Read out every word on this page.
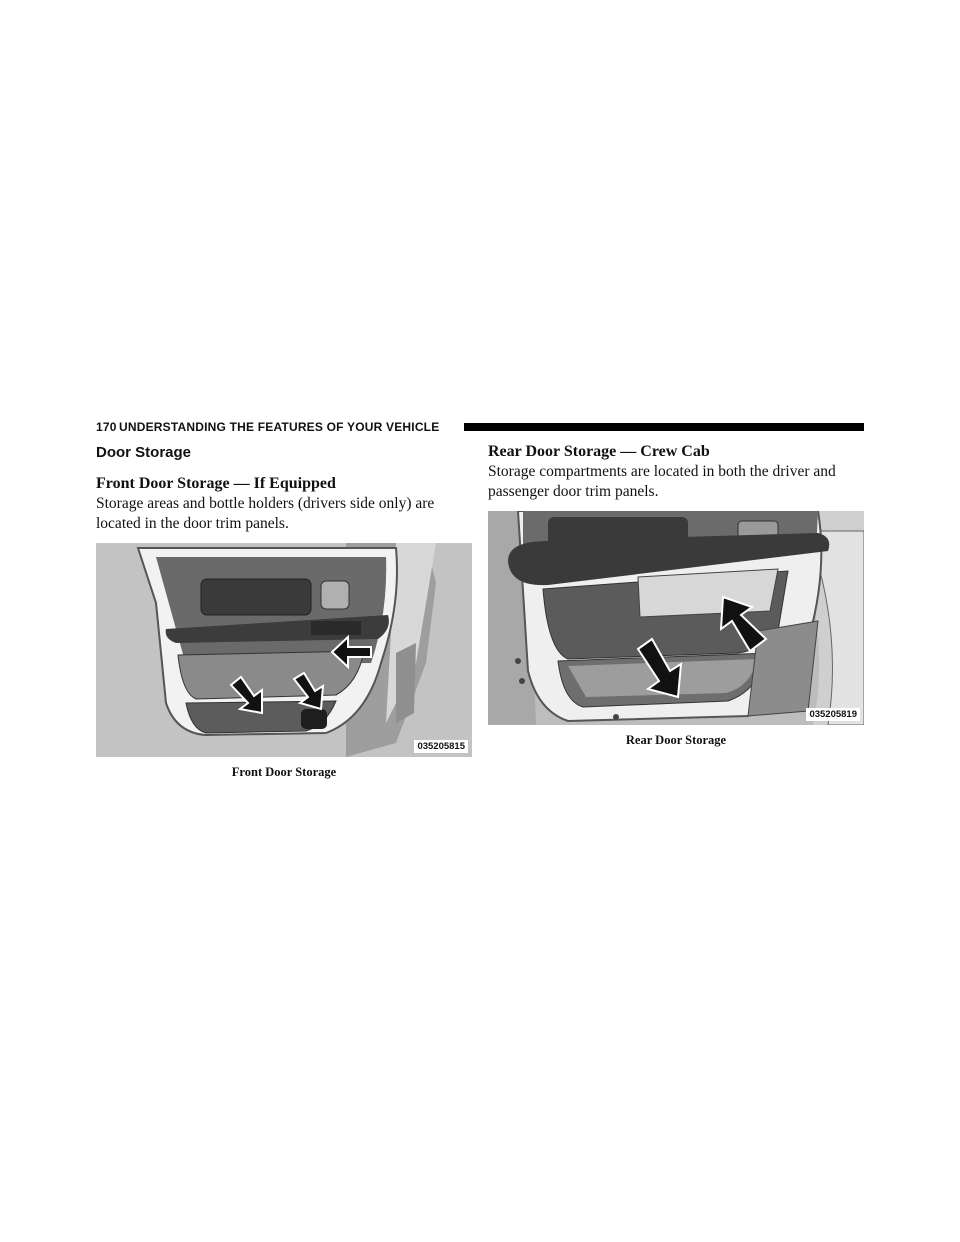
170 UNDERSTANDING THE FEATURES OF YOUR VEHICLE
Door Storage
Front Door Storage — If Equipped

Storage areas and bottle holders (drivers side only) are

located in the door trim panels.

035205815
Front Door Storage
Rear Door Storage — Crew Cab

Storage compartments are located in both the driver and

passenger door trim panels.

035205819
Rear Door Storage
